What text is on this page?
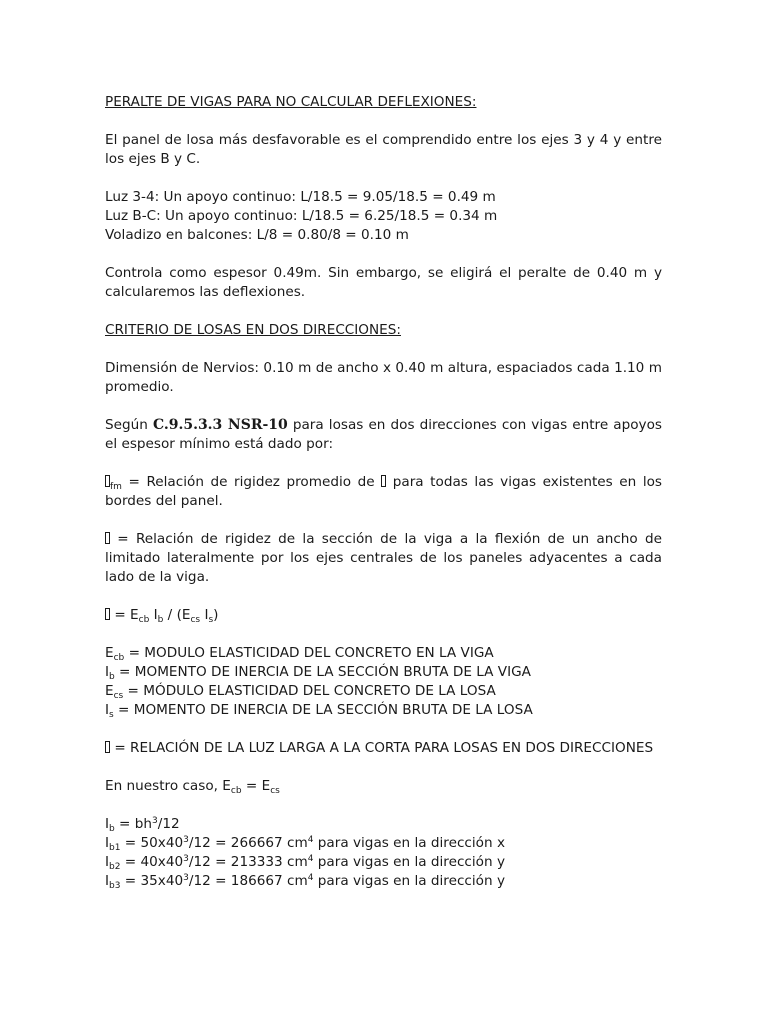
PERALTE DE VIGAS PARA NO CALCULAR DEFLEXIONES:

El panel de losa más desfavorable es el comprendido entre los ejes 3 y 4 y entre los ejes B y C.

Luz 3-4: Un apoyo continuo: L/18.5 = 9.05/18.5 = 0.49 m

Luz B-C: Un apoyo continuo: L/18.5 = 6.25/18.5 = 0.34 m

Voladizo en balcones: L/8 = 0.80/8 = 0.10 m

Controla como espesor 0.49m. Sin embargo, se eligirá el peralte de 0.40 m y calcularemos las deflexiones.

CRITERIO DE LOSAS EN DOS DIRECCIONES:

Dimensión de Nervios: 0.10 m de ancho x 0.40 m altura, espaciados cada 1.10 m promedio.

Según C.9.5.3.3 NSR-10 para losas en dos direcciones con vigas entre apoyos el espesor mínimo está dado por:

$_{fm}$ = Relación de rigidez promedio de  para todas las vigas existentes en los bordes del panel.

= Relación de rigidez de la sección de la viga a la flexión de un ancho de limitado lateralmente por los ejes centrales de los paneles adyacentes a cada lado de la viga.

= $E_{cb}$ $I_b / (E_{cs}$ $I_s$)

$E_{cb}$ = MODULO ELASTICIDAD DEL CONCRETO EN LA VIGA

$I_b$ = MOMENTO DE INERCIA DE LA SECCIÓN BRUTA DE LA VIGA

$E_{cs}$ = MÓDULO ELASTICIDAD DEL CONCRETO DE LA LOSA

$I_s$ = MOMENTO DE INERCIA DE LA SECCIÓN BRUTA DE LA LOSA

= RELACIÓN DE LA LUZ LARGA A LA CORTA PARA LOSAS EN DOS DIRECCIONES

En nuestro caso, $E_{cb} = E_{cs}$

$I_b = bh^3/12$

$I_{b1} = 50x40^3/12 = 266667$ $cm^4$ para vigas en la dirección x

$I_{b2} = 40x40^3/12 = 213333$ $cm^4$ para vigas en la dirección y

$I_{b3} = 35x40^3/12 = 186667$ $cm^4$ para vigas en la dirección y
